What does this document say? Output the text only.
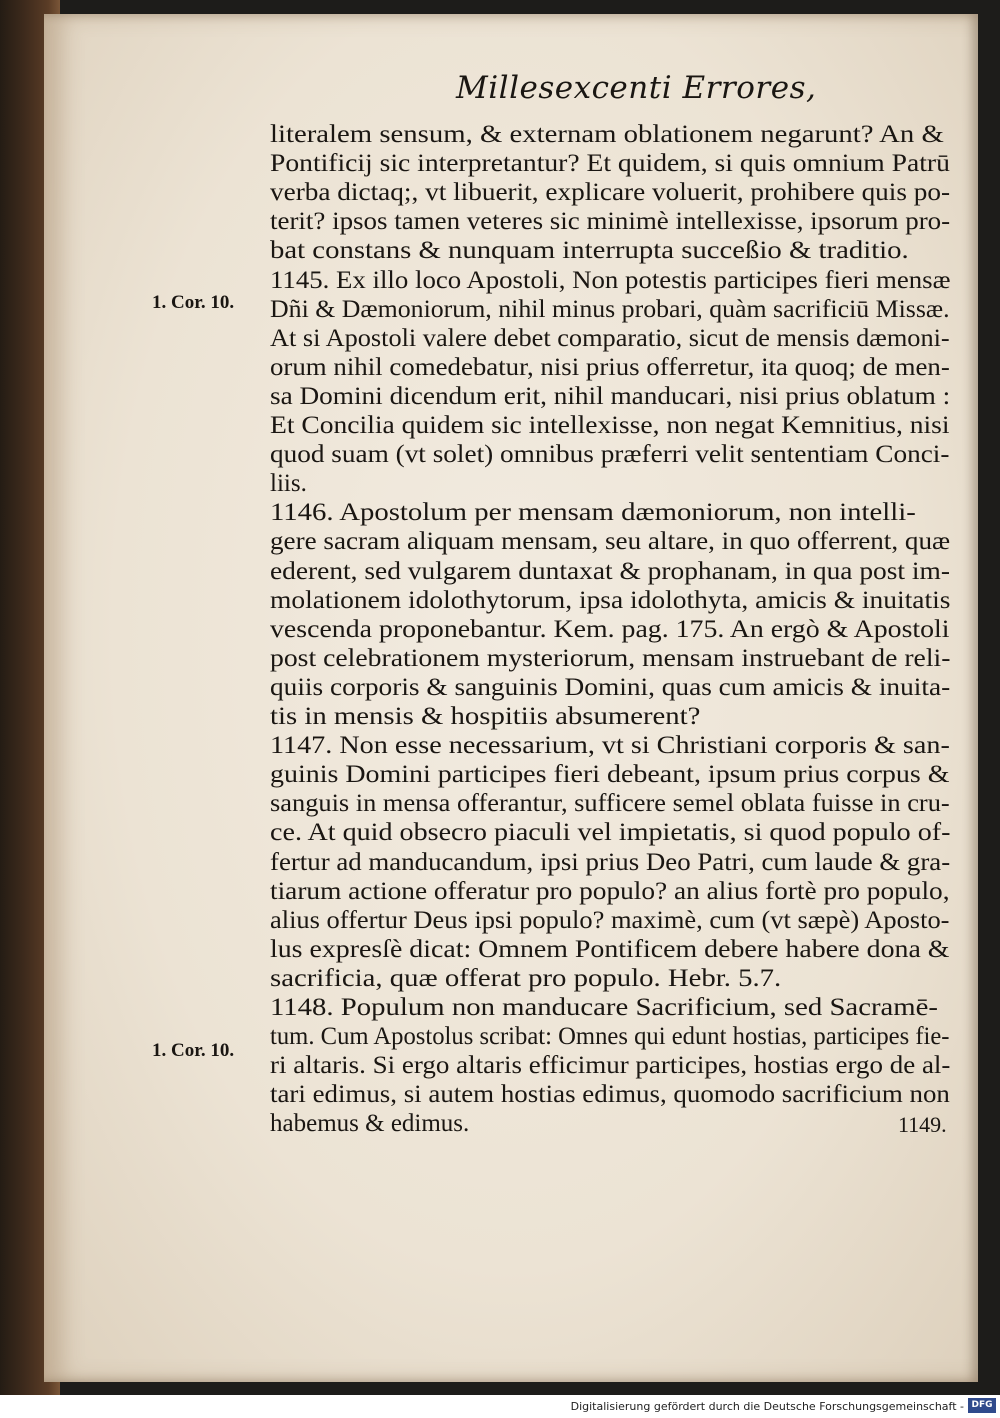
Millesexcenti Errores,
literalem sensum, & externam oblationem negarunt? An &
Pontificij sic interpretantur? Et quidem, si quis omnium Patrū
verba dictaq;, vt libuerit, explicare voluerit, prohibere quis po-
terit? ipsos tamen veteres sic minimè intellexisse, ipsorum pro-
bat constans & nunquam interrupta succeßio & traditio.
1145. Ex illo loco Apostoli, Non potestis participes fieri mensæ
Dñi & Dæmoniorum, nihil minus probari, quàm sacrificiū Missæ.
At si Apostoli valere debet comparatio, sicut de mensis dæmoni-
orum nihil comedebatur, nisi prius offerretur, ita quoq; de men-
sa Domini dicendum erit, nihil manducari, nisi prius oblatum :
Et Concilia quidem sic intellexisse, non negat Kemnitius, nisi
quod suam (vt solet) omnibus præferri velit sententiam Conci-
liis.
1146. Apostolum per mensam dæmoniorum, non intelli-
gere sacram aliquam mensam, seu altare, in quo offerrent, quæ
ederent, sed vulgarem duntaxat & prophanam, in qua post im-
molationem idolothytorum, ipsa idolothyta, amicis & inuitatis
vescenda proponebantur. Kem. pag. 175. An ergò & Apostoli
post celebrationem mysteriorum, mensam instruebant de reli-
quiis corporis & sanguinis Domini, quas cum amicis & inuita-
tis in mensis & hospitiis absumerent?
1147. Non esse necessarium, vt si Christiani corporis & san-
guinis Domini participes fieri debeant, ipsum prius corpus &
sanguis in mensa offerantur, sufficere semel oblata fuisse in cru-
ce. At quid obsecro piaculi vel impietatis, si quod populo of-
fertur ad manducandum, ipsi prius Deo Patri, cum laude & gra-
tiarum actione offeratur pro populo? an alius fortè pro populo,
alius offertur Deus ipsi populo? maximè, cum (vt sæpè) Aposto-
lus expresſè dicat: Omnem Pontificem debere habere dona &
sacrificia, quæ offerat pro populo. Hebr. 5.7.
1148. Populum non manducare Sacrificium, sed Sacramē-
tum. Cum Apostolus scribat: Omnes qui edunt hostias, participes fie-
ri altaris. Si ergo altaris efficimur participes, hostias ergo de al-
tari edimus, si autem hostias edimus, quomodo sacrificium non
habemus & edimus.
1. Cor. 10.
1. Cor. 10.
1149.
Digitalisierung gefördert durch die Deutsche Forschungsgemeinschaft - DFG
